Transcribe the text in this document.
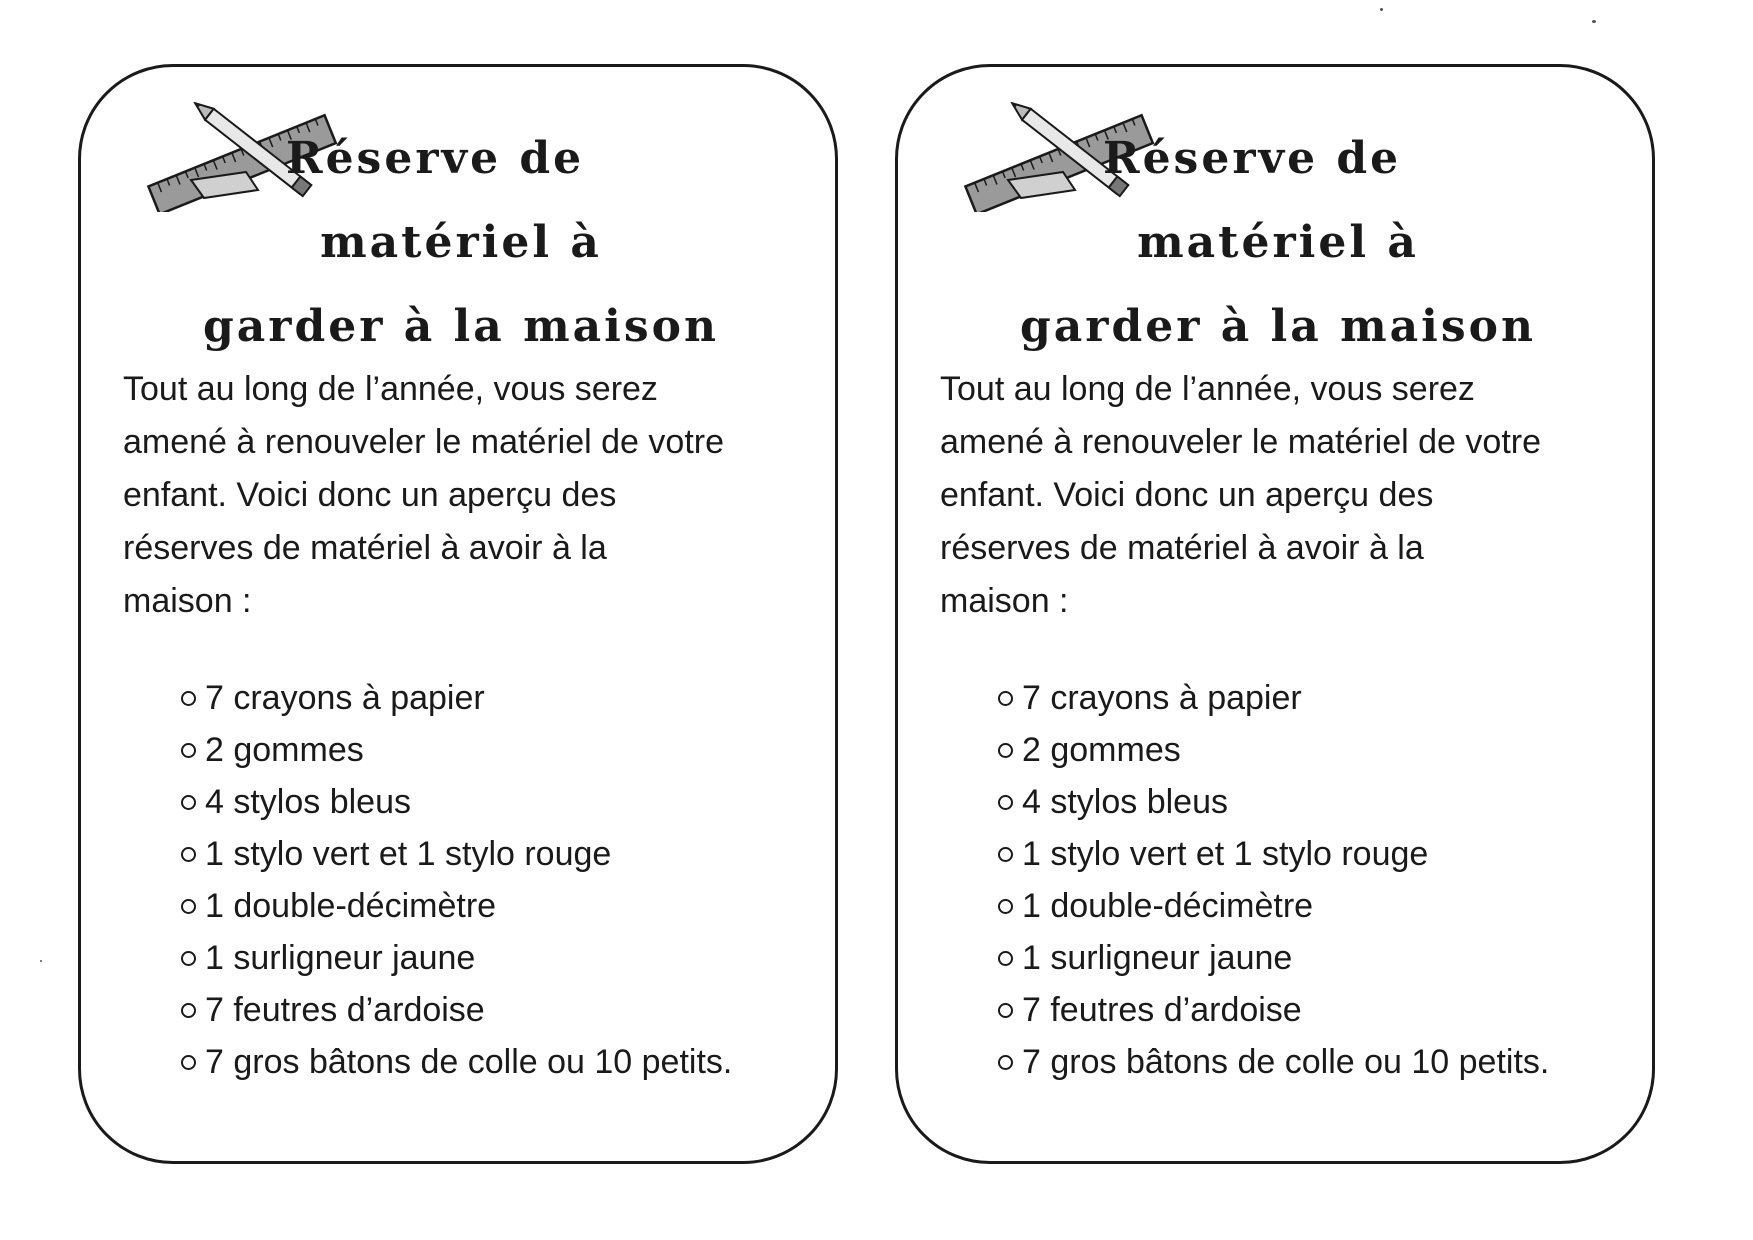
Réserve de
matériel à
garder à la maison
Tout au long de l’année, vous serez
amené à renouveler le matériel de votre
enfant. Voici donc un aperçu des
réserves de matériel à avoir à la
maison :
7 crayons à papier
2 gommes
4 stylos bleus
1 stylo vert et 1 stylo rouge
1 double-décimètre
1 surligneur jaune
7 feutres d’ardoise
7 gros bâtons de colle ou 10 petits.
Réserve de
matériel à
garder à la maison
Tout au long de l’année, vous serez
amené à renouveler le matériel de votre
enfant. Voici donc un aperçu des
réserves de matériel à avoir à la
maison :
7 crayons à papier
2 gommes
4 stylos bleus
1 stylo vert et 1 stylo rouge
1 double-décimètre
1 surligneur jaune
7 feutres d’ardoise
7 gros bâtons de colle ou 10 petits.
